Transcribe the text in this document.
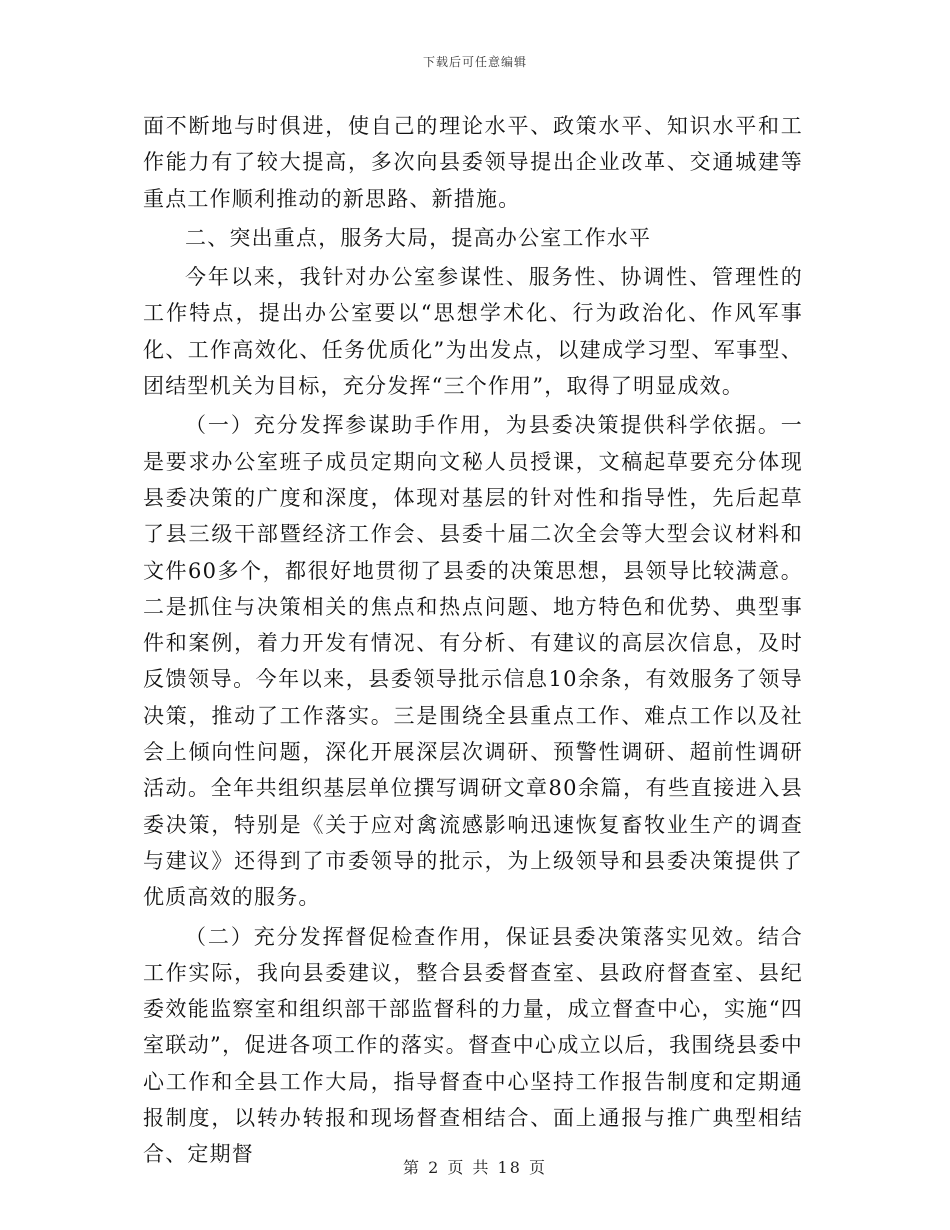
下载后可任意编辑

面不断地与时俱进，使自己的理论水平、政策水平、知识水平和工作能力有了较大提高，多次向县委领导提出企业改革、交通城建等重点工作顺利推动的新思路、新措施。

二、突出重点，服务大局，提高办公室工作水平

今年以来，我针对办公室参谋性、服务性、协调性、管理性的工作特点，提出办公室要以“思想学术化、行为政治化、作风军事化、工作高效化、任务优质化”为出发点，以建成学习型、军事型、团结型机关为目标，充分发挥“三个作用”，取得了明显成效。

（一）充分发挥参谋助手作用，为县委决策提供科学依据。一是要求办公室班子成员定期向文秘人员授课，文稿起草要充分体现县委决策的广度和深度，体现对基层的针对性和指导性，先后起草了县三级干部暨经济工作会、县委十届二次全会等大型会议材料和文件60多个，都很好地贯彻了县委的决策思想，县领导比较满意。二是抓住与决策相关的焦点和热点问题、地方特色和优势、典型事件和案例，着力开发有情况、有分析、有建议的高层次信息，及时反馈领导。今年以来，县委领导批示信息10余条，有效服务了领导决策，推动了工作落实。三是围绕全县重点工作、难点工作以及社会上倾向性问题，深化开展深层次调研、预警性调研、超前性调研活动。全年共组织基层单位撰写调研文章80余篇，有些直接进入县委决策，特别是《关于应对禽流感影响迅速恢复畜牧业生产的调查与建议》还得到了市委领导的批示，为上级领导和县委决策提供了优质高效的服务。

（二）充分发挥督促检查作用，保证县委决策落实见效。结合工作实际，我向县委建议，整合县委督查室、县政府督查室、县纪委效能监察室和组织部干部监督科的力量，成立督查中心，实施“四室联动”，促进各项工作的落实。督查中心成立以后，我围绕县委中心工作和全县工作大局，指导督查中心坚持工作报告制度和定期通报制度，以转办转报和现场督查相结合、面上通报与推广典型相结合、定期督

第 2 页 共 18 页
